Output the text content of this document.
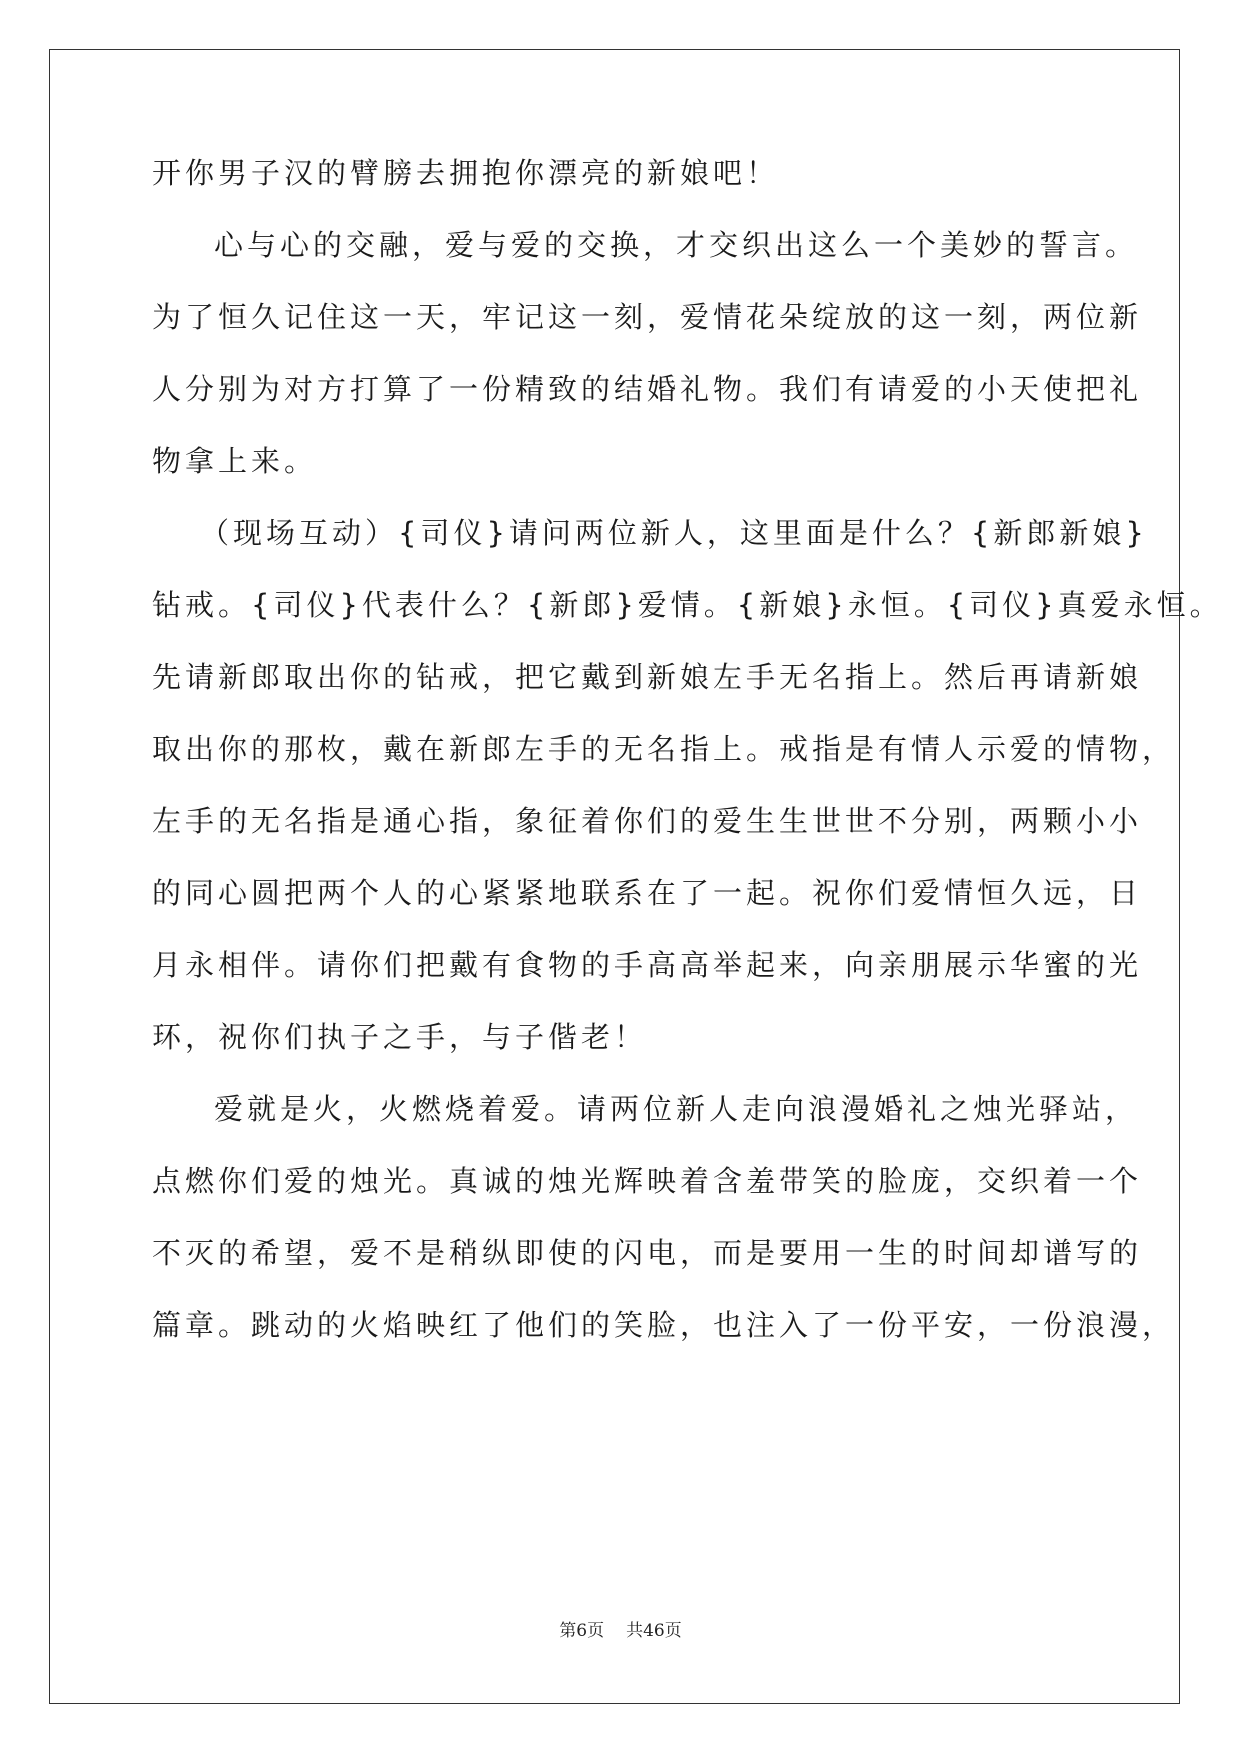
开你男子汉的臂膀去拥抱你漂亮的新娘吧！
心与心的交融，爱与爱的交换，才交织出这么一个美妙的誓言。
为了恒久记住这一天，牢记这一刻，爱情花朵绽放的这一刻，两位新
人分别为对方打算了一份精致的结婚礼物。我们有请爱的小天使把礼
物拿上来。
（现场互动）{司仪}请问两位新人，这里面是什么？{新郎新娘}
钻戒。{司仪}代表什么？{新郎}爱情。{新娘}永恒。{司仪}真爱永恒。
先请新郎取出你的钻戒，把它戴到新娘左手无名指上。然后再请新娘
取出你的那枚，戴在新郎左手的无名指上。戒指是有情人示爱的情物，
左手的无名指是通心指，象征着你们的爱生生世世不分别，两颗小小
的同心圆把两个人的心紧紧地联系在了一起。祝你们爱情恒久远，日
月永相伴。请你们把戴有食物的手高高举起来，向亲朋展示华蜜的光
环，祝你们执子之手，与子偕老！
爱就是火，火燃烧着爱。请两位新人走向浪漫婚礼之烛光驿站，
点燃你们爱的烛光。真诚的烛光辉映着含羞带笑的脸庞，交织着一个
不灭的希望，爱不是稍纵即使的闪电，而是要用一生的时间却谱写的
篇章。跳动的火焰映红了他们的笑脸，也注入了一份平安，一份浪漫，
第6页 共46页
